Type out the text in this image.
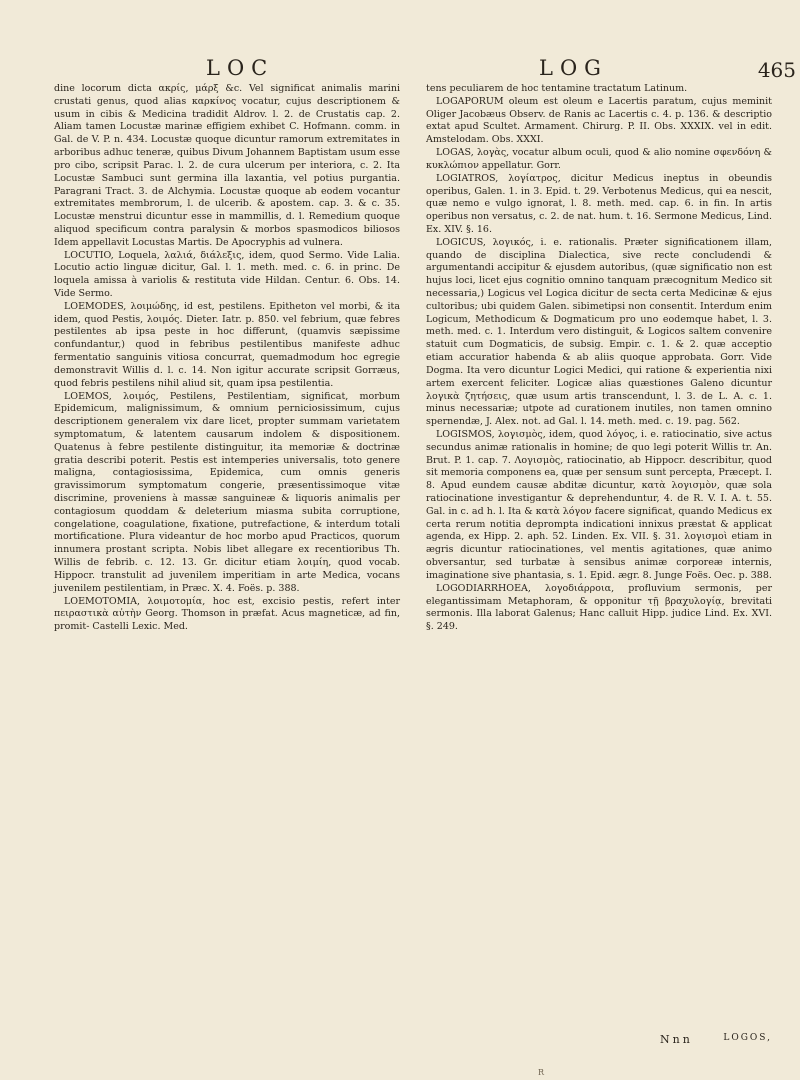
LOC	LOG	465

dine locorum dicta ακρίς, μάρξ &c. Vel significat animalis marini crustati genus, quod alias καρκίνος vocatur, cujus descriptionem & usum in cibis & Medicina tradidit Aldrov. l. 2. de Crustatis cap. 2. Aliam tamen Locustæ marinæ effigiem exhibet C. Hofmann. comm. in Gal. de V. P. n. 434. Locustæ quoque dicuntur ramorum extremitates in arboribus adhuc teneræ, quibus Divum Johannem Baptistam usum esse pro cibo, scripsit Parac. l. 2. de cura ulcerum per interiora, c. 2. Ita Locustæ Sambuci sunt germina illa laxantia, vel potius purgantia. Paragrani Tract. 3. de Alchymia. Locustæ quoque ab eodem vocantur extremitates membrorum, l. de ulcerib. & apostem. cap. 3. & c. 35. Locustæ menstrui dicuntur esse in mammillis, d. l. Remedium quoque aliquod specificum contra paralysin & morbos spasmodicos biliosos Idem appellavit Locustas Martis. De Apocryphis ad vulnera.

LOCUTIO, Loquela, λαλιά, διάλεξις, idem, quod Sermo. Vide Lalia. Locutio actio linguæ dicitur, Gal. l. 1. meth. med. c. 6. in princ. De loquela amissa à variolis & restituta vide Hildan. Centur. 6. Obs. 14. Vide Sermo.

LOEMODES, λοιμώδης, id est, pestilens. Epitheton vel morbi, & ita idem, quod Pestis, λοιμός. Dieter. Iatr. p. 850. vel febrium, quæ febres pestilentes ab ipsa peste in hoc differunt, (quamvis sæpissime confundantur,) quod in febribus pestilentibus manifeste adhuc fermentatio sanguinis vitiosa concurrat, quemadmodum hoc egregie demonstravit Willis d. l. c. 14. Non igitur accurate scripsit Gorræus, quod febris pestilens nihil aliud sit, quam ipsa pestilentia.

LOEMOS, λοιμός, Pestilens, Pestilentiam, significat, morbum Epidemicum, malignissimum, & omnium perniciosissimum, cujus descriptionem generalem vix dare licet, propter summam varietatem symptomatum, & latentem causarum indolem & dispositionem. Quatenus à febre pestilente distinguitur, ita memoriæ & doctrinæ gratia describi poterit. Pestis est intemperies universalis, toto genere maligna, contagiosissima, Epidemica, cum omnis generis gravissimorum symptomatum congerie, præsentissimoque vitæ discrimine, proveniens à massæ sanguineæ & liquoris animalis per contagiosum quoddam & deleterium miasma subita corruptione, congelatione, coagulatione, fixatione, putrefactione, & interdum totali mortificatione. Plura videantur de hoc morbo apud Practicos, quorum innumera prostant scripta. Nobis libet allegare ex recentioribus Th. Willis de febrib. c. 12. 13. Gr. dicitur etiam λοιμίη, quod vocab. Hippocr. transtulit ad juvenilem imperitiam in arte Medica, vocans juvenilem pestilentiam, in Præc. X. 4. Foës. p. 388.

LOEMOTOMIA, λοιμοτομία, hoc est, excisio pestis, refert inter πειραστικὰ αὐτὴν Georg. Thomson in præfat. Acus magneticæ, ad fin, promit- Castelli Lexic. Med.

tens peculiarem de hoc tentamine tractatum Latinum.

LOGAPORUM oleum est oleum e Lacertis paratum, cujus meminit Oliger Jacobæus Observ. de Ranis ac Lacertis c. 4. p. 136. & descriptio extat apud Scultet. Armament. Chirurg. P. II. Obs. XXXIX. vel in edit. Amstelodam. Obs. XXXI.

LOGAS, λογὰς, vocatur album oculi, quod & alio nomine σφενδόνη & κυκλώπιον appellatur. Gorr.

LOGIATROS, λογίατρος, dicitur Medicus ineptus in obeundis operibus, Galen. 1. in 3. Epid. t. 29. Verbotenus Medicus, qui ea nescit, quæ nemo e vulgo ignorat, l. 8. meth. med. cap. 6. in fin. In artis operibus non versatus, c. 2. de nat. hum. t. 16. Sermone Medicus, Lind. Ex. XIV. §. 16.

LOGICUS, λογικός, i. e. rationalis. Præter significationem illam, quando de disciplina Dialectica, sive recte concludendi & argumentandi accipitur & ejusdem autoribus, (quæ significatio non est hujus loci, licet ejus cognitio omnino tanquam præcognitum Medico sit necessaria,) Logicus vel Logica dicitur de secta certa Medicinæ & ejus cultoribus; ubi quidem Galen. sibimetipsi non consentit. Interdum enim Logicum, Methodicum & Dogmaticum pro uno eodemque habet, l. 3. meth. med. c. 1. Interdum vero distinguit, & Logicos saltem convenire statuit cum Dogmaticis, de subsig. Empir. c. 1. & 2. quæ acceptio etiam accuratior habenda & ab aliis quoque approbata. Gorr. Vide Dogma. Ita vero dicuntur Logici Medici, qui ratione & experientia nixi artem exercent feliciter. Logicæ alias quæstiones Galeno dicuntur λογικὰ ζητήσεις, quæ usum artis transcendunt, l. 3. de L. A. c. 1. minus necessariæ; utpote ad curationem inutiles, non tamen omnino spernendæ, J. Alex. not. ad Gal. l. 14. meth. med. c. 19. pag. 562.

LOGISMOS, λογισμὸς, idem, quod λόγος, i. e. ratiocinatio, sive actus secundus animæ rationalis in homine; de quo legi poterit Willis tr. An. Brut. P. 1. cap. 7. Λογισμὸς, ratiocinatio, ab Hippocr. describitur, quod sit memoria componens ea, quæ per sensum sunt percepta, Præcept. I. 8. Apud eundem causæ abditæ dicuntur, κατὰ λογισμὸν, quæ sola ratiocinatione investigantur & deprehenduntur, 4. de R. V. I. A. t. 55. Gal. in c. ad h. l. Ita & κατὰ λόγον facere significat, quando Medicus ex certa rerum notitia deprompta indicationi innixus præstat & applicat agenda, ex Hipp. 2. aph. 52. Linden. Ex. VII. §. 31. λογισμοὶ etiam in ægris dicuntur ratiocinationes, vel mentis agitationes, quæ animo obversantur, sed turbatæ à sensibus animæ corporeæ internis, imaginatione sive phantasia, s. 1. Epid. ægr. 8. Junge Foës. Oec. p. 388.

LOGODIARRHOEA, λογοδιάρροια, profluvium sermonis, per elegantissimam Metaphoram, & opponitur τῇ βραχυλογίᾳ, brevitati sermonis. Illa laborat Galenus; Hanc calluit Hipp. judice Lind. Ex. XVI. §. 249.

Nnn	LOGOS,
R
